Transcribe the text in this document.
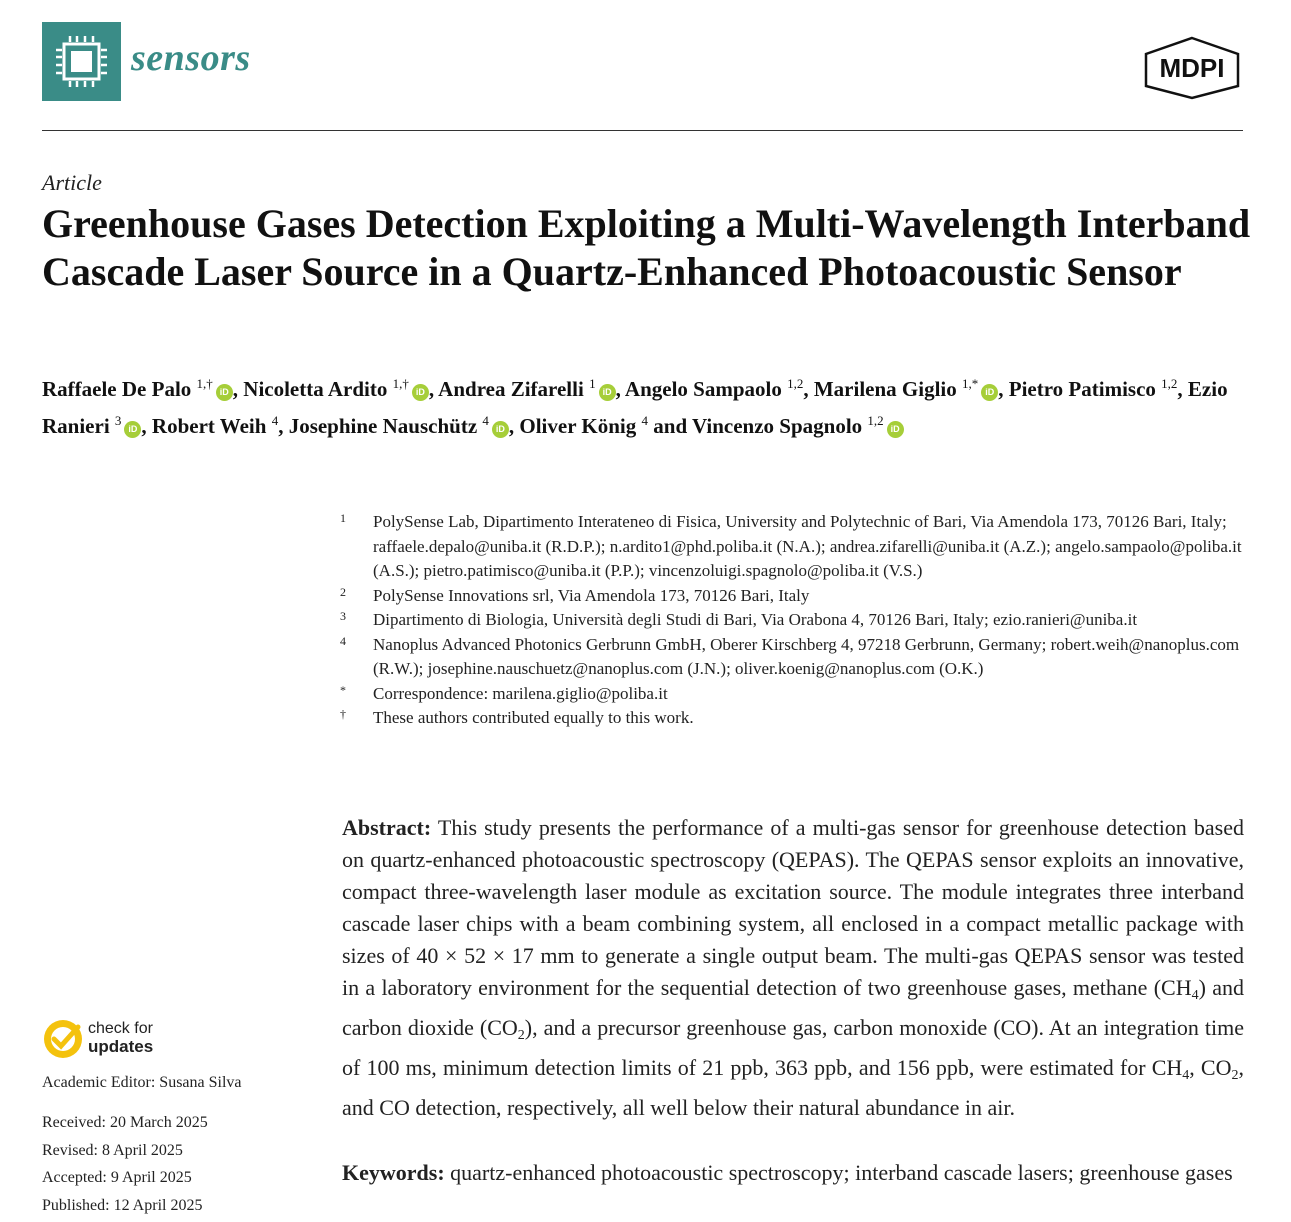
sensors	MDPI
Article
Greenhouse Gases Detection Exploiting a Multi-Wavelength Interband Cascade Laser Source in a Quartz-Enhanced Photoacoustic Sensor
Raffaele De Palo $^{1,\dagger}$iD , Nicoletta Ardito $^{1,\dagger}$iD , Andrea Zifarelli $^1$iD , Angelo Sampaolo $^{1,2}$, Marilena Giglio $^{1,*}$iD , Pietro Patimisco $^{1,2}$, Ezio Ranieri $^3$iD , Robert Weih $^4$, Josephine Nauschütz $^4$iD , Oliver König $^4$ and Vincenzo Spagnolo $^{1,2}$iD
1	PolySense Lab, Dipartimento Interateneo di Fisica, University and Polytechnic of Bari, Via Amendola 173, 70126 Bari, Italy; raffaele.depalo@uniba.it (R.D.P.); n.ardito1@phd.poliba.it (N.A.); andrea.zifarelli@uniba.it (A.Z.); angelo.sampaolo@poliba.it (A.S.); pietro.patimisco@uniba.it (P.P.); vincenzoluigi.spagnolo@poliba.it (V.S.)
2	PolySense Innovations srl, Via Amendola 173, 70126 Bari, Italy
3	Dipartimento di Biologia, Università degli Studi di Bari, Via Orabona 4, 70126 Bari, Italy; ezio.ranieri@uniba.it
4	Nanoplus Advanced Photonics Gerbrunn GmbH, Oberer Kirschberg 4, 97218 Gerbrunn, Germany; robert.weih@nanoplus.com (R.W.); josephine.nauschuetz@nanoplus.com (J.N.); oliver.koenig@nanoplus.com (O.K.)
*	Correspondence: marilena.giglio@poliba.it
†	These authors contributed equally to this work.
Abstract: This study presents the performance of a multi-gas sensor for greenhouse detection based on quartz-enhanced photoacoustic spectroscopy (QEPAS). The QEPAS sensor exploits an innovative, compact three-wavelength laser module as excitation source. The module integrates three interband cascade laser chips with a beam combining system, all enclosed in a compact metallic package with sizes of 40 × 52 × 17 mm to generate a single output beam. The multi-gas QEPAS sensor was tested in a laboratory environment for the sequential detection of two greenhouse gases, methane $(CH_4)$ and carbon dioxide $(CO_2)$, and a precursor greenhouse gas, carbon monoxide (CO). At an integration time of 100 ms, minimum detection limits of 21 ppb, 363 ppb, and 156 ppb, were estimated for $CH_4$, $CO_2$, and CO detection, respectively, all well below their natural abundance in air.
Keywords: quartz-enhanced photoacoustic spectroscopy; interband cascade lasers; greenhouse gases
check for
updates
Academic Editor: Susana Silva
Received: 20 March 2025
Revised: 8 April 2025
Accepted: 9 April 2025
Published: 12 April 2025
